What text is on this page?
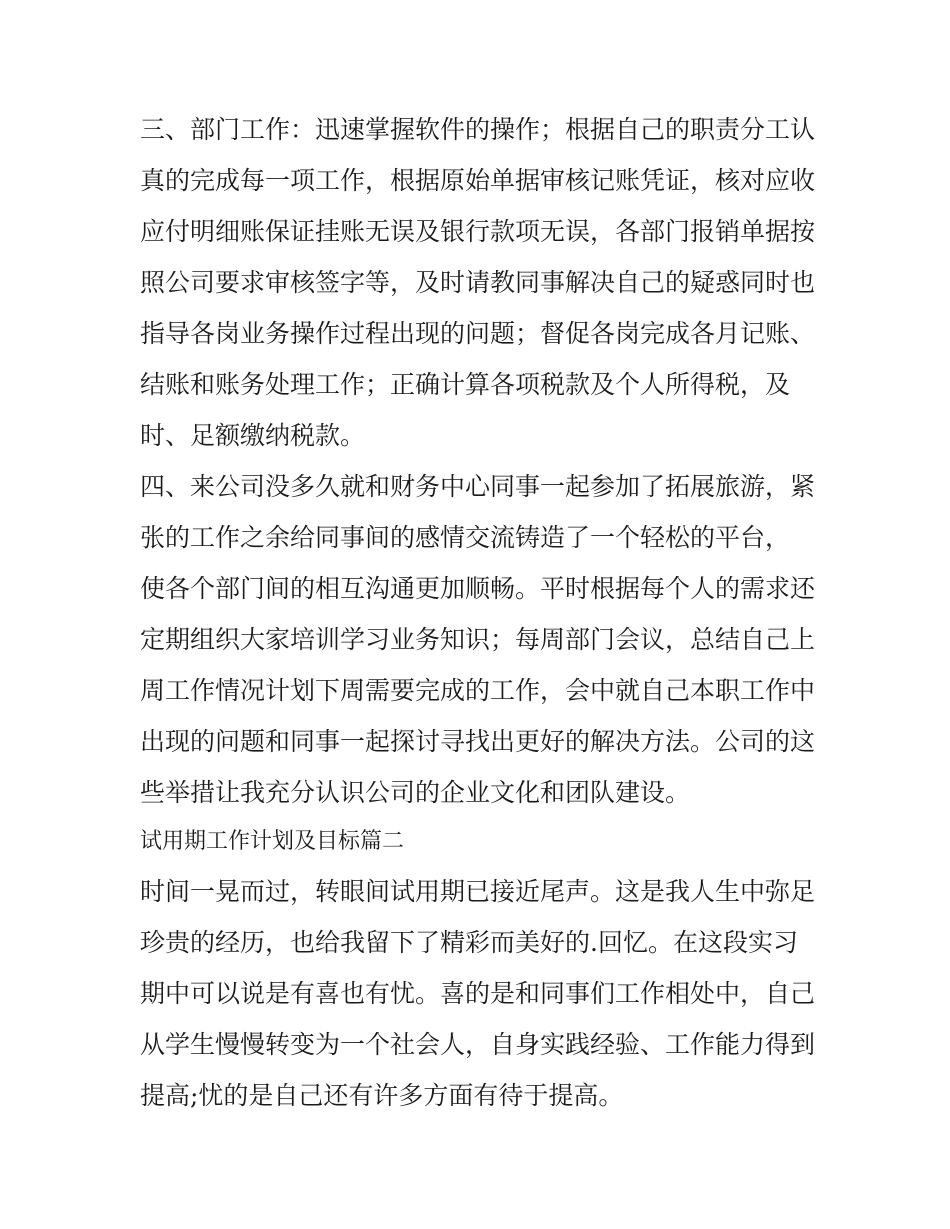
三、部门工作：迅速掌握软件的操作；根据自己的职责分工认
真的完成每一项工作，根据原始单据审核记账凭证，核对应收
应付明细账保证挂账无误及银行款项无误，各部门报销单据按
照公司要求审核签字等，及时请教同事解决自己的疑惑同时也
指导各岗业务操作过程出现的问题；督促各岗完成各月记账、
结账和账务处理工作；正确计算各项税款及个人所得税，及
时、足额缴纳税款。
四、来公司没多久就和财务中心同事一起参加了拓展旅游，紧
张的工作之余给同事间的感情交流铸造了一个轻松的平台，
使各个部门间的相互沟通更加顺畅。平时根据每个人的需求还
定期组织大家培训学习业务知识；每周部门会议，总结自己上
周工作情况计划下周需要完成的工作，会中就自己本职工作中
出现的问题和同事一起探讨寻找出更好的解决方法。公司的这
些举措让我充分认识公司的企业文化和团队建设。
试用期工作计划及目标篇二
时间一晃而过，转眼间试用期已接近尾声。这是我人生中弥足
珍贵的经历，也给我留下了精彩而美好的.回忆。在这段实习
期中可以说是有喜也有忧。喜的是和同事们工作相处中，自己
从学生慢慢转变为一个社会人，自身实践经验、工作能力得到
提高;忧的是自己还有许多方面有待于提高。
